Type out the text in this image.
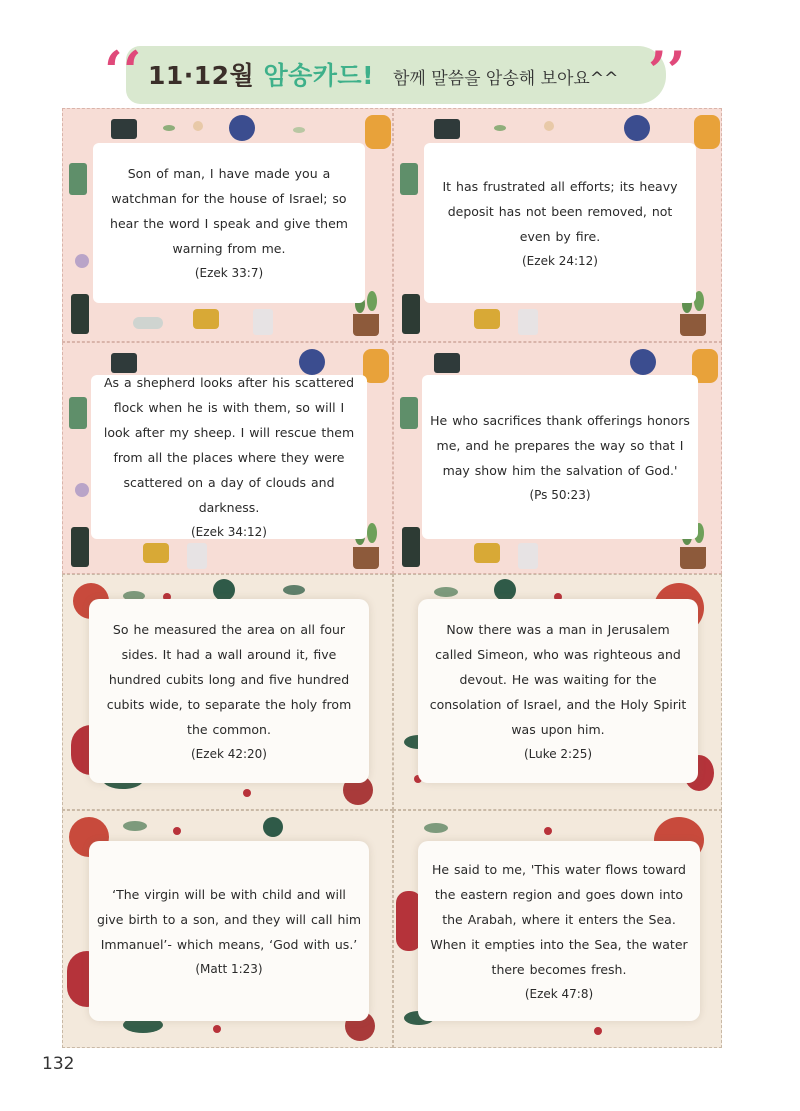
‘‘	’’
11·12월 암송카드! 함께 말씀을 암송해 보아요^^
Son of man, I have made you a watchman for the house of Israel; so hear the word I speak and give them warning from me.
(Ezek 33:7)
It has frustrated all efforts; its heavy deposit has not been removed, not even by fire.
(Ezek 24:12)
As a shepherd looks after his scattered flock when he is with them, so will I look after my sheep. I will rescue them from all the places where they were scattered on a day of clouds and darkness.
(Ezek 34:12)
He who sacrifices thank offerings honors me, and he prepares the way so that I may show him the salvation of God.'
(Ps 50:23)
So he measured the area on all four sides. It had a wall around it, five hundred cubits long and five hundred cubits wide, to separate the holy from the common.
(Ezek 42:20)
Now there was a man in Jerusalem called Simeon, who was righteous and devout. He was waiting for the consolation of Israel, and the Holy Spirit was upon him.
(Luke 2:25)
‘The virgin will be with child and will give birth to a son, and they will call him Immanuel’- which means, ‘God with us.’
(Matt 1:23)
He said to me, 'This water flows toward the eastern region and goes down into the Arabah, where it enters the Sea. When it empties into the Sea, the water there becomes fresh.
(Ezek 47:8)
132
